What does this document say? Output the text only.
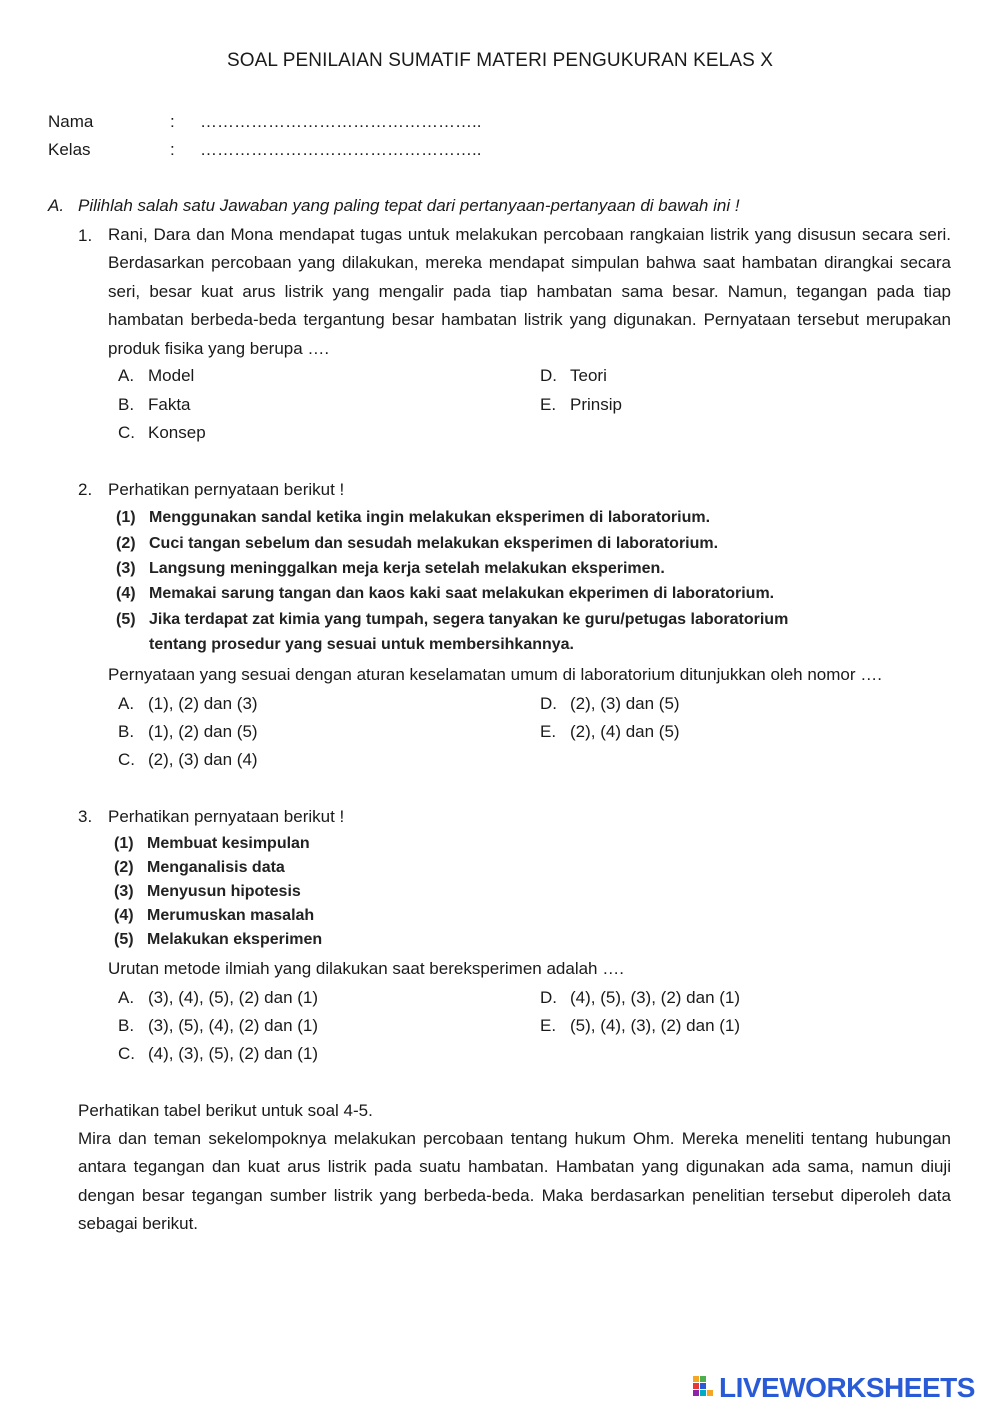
SOAL PENILAIAN SUMATIF MATERI PENGUKURAN KELAS X
Nama	: …………………………………………..
Kelas	: …………………………………………..
A. Pilihlah salah satu Jawaban yang paling tepat dari pertanyaan-pertanyaan di bawah ini !
1. Rani, Dara dan Mona mendapat tugas untuk melakukan percobaan rangkaian listrik yang disusun secara seri. Berdasarkan percobaan yang dilakukan, mereka mendapat simpulan bahwa saat hambatan dirangkai secara seri, besar kuat arus listrik yang mengalir pada tiap hambatan sama besar. Namun, tegangan pada tiap hambatan berbeda-beda tergantung besar hambatan listrik yang digunakan. Pernyataan tersebut merupakan produk fisika yang berupa ….
A. Model
B. Fakta
C. Konsep
D. Teori
E. Prinsip
2. Perhatikan pernyataan berikut !
(1) Menggunakan sandal ketika ingin melakukan eksperimen di laboratorium.
(2) Cuci tangan sebelum dan sesudah melakukan eksperimen di laboratorium.
(3) Langsung meninggalkan meja kerja setelah melakukan eksperimen.
(4) Memakai sarung tangan dan kaos kaki saat melakukan ekperimen di laboratorium.
(5) Jika terdapat zat kimia yang tumpah, segera tanyakan ke guru/petugas laboratorium
tentang prosedur yang sesuai untuk membersihkannya.
Pernyataan yang sesuai dengan aturan keselamatan umum di laboratorium ditunjukkan oleh nomor ….
A. (1), (2) dan (3)
B. (1), (2) dan (5)
C. (2), (3) dan (4)
D. (2), (3) dan (5)
E. (2), (4) dan (5)
3. Perhatikan pernyataan berikut !
(1) Membuat kesimpulan
(2) Menganalisis data
(3) Menyusun hipotesis
(4) Merumuskan masalah
(5) Melakukan eksperimen
Urutan metode ilmiah yang dilakukan saat bereksperimen adalah ….
A. (3), (4), (5), (2) dan (1)
B. (3), (5), (4), (2) dan (1)
C. (4), (3), (5), (2) dan (1)
D. (4), (5), (3), (2) dan (1)
E. (5), (4), (3), (2) dan (1)
Perhatikan tabel berikut untuk soal 4-5.
Mira dan teman sekelompoknya melakukan percobaan tentang hukum Ohm. Mereka meneliti tentang hubungan antara tegangan dan kuat arus listrik pada suatu hambatan. Hambatan yang digunakan ada sama, namun diuji dengan besar tegangan sumber listrik yang berbeda-beda. Maka berdasarkan penelitian tersebut diperoleh data sebagai berikut.
LIVEWORKSHEETS
